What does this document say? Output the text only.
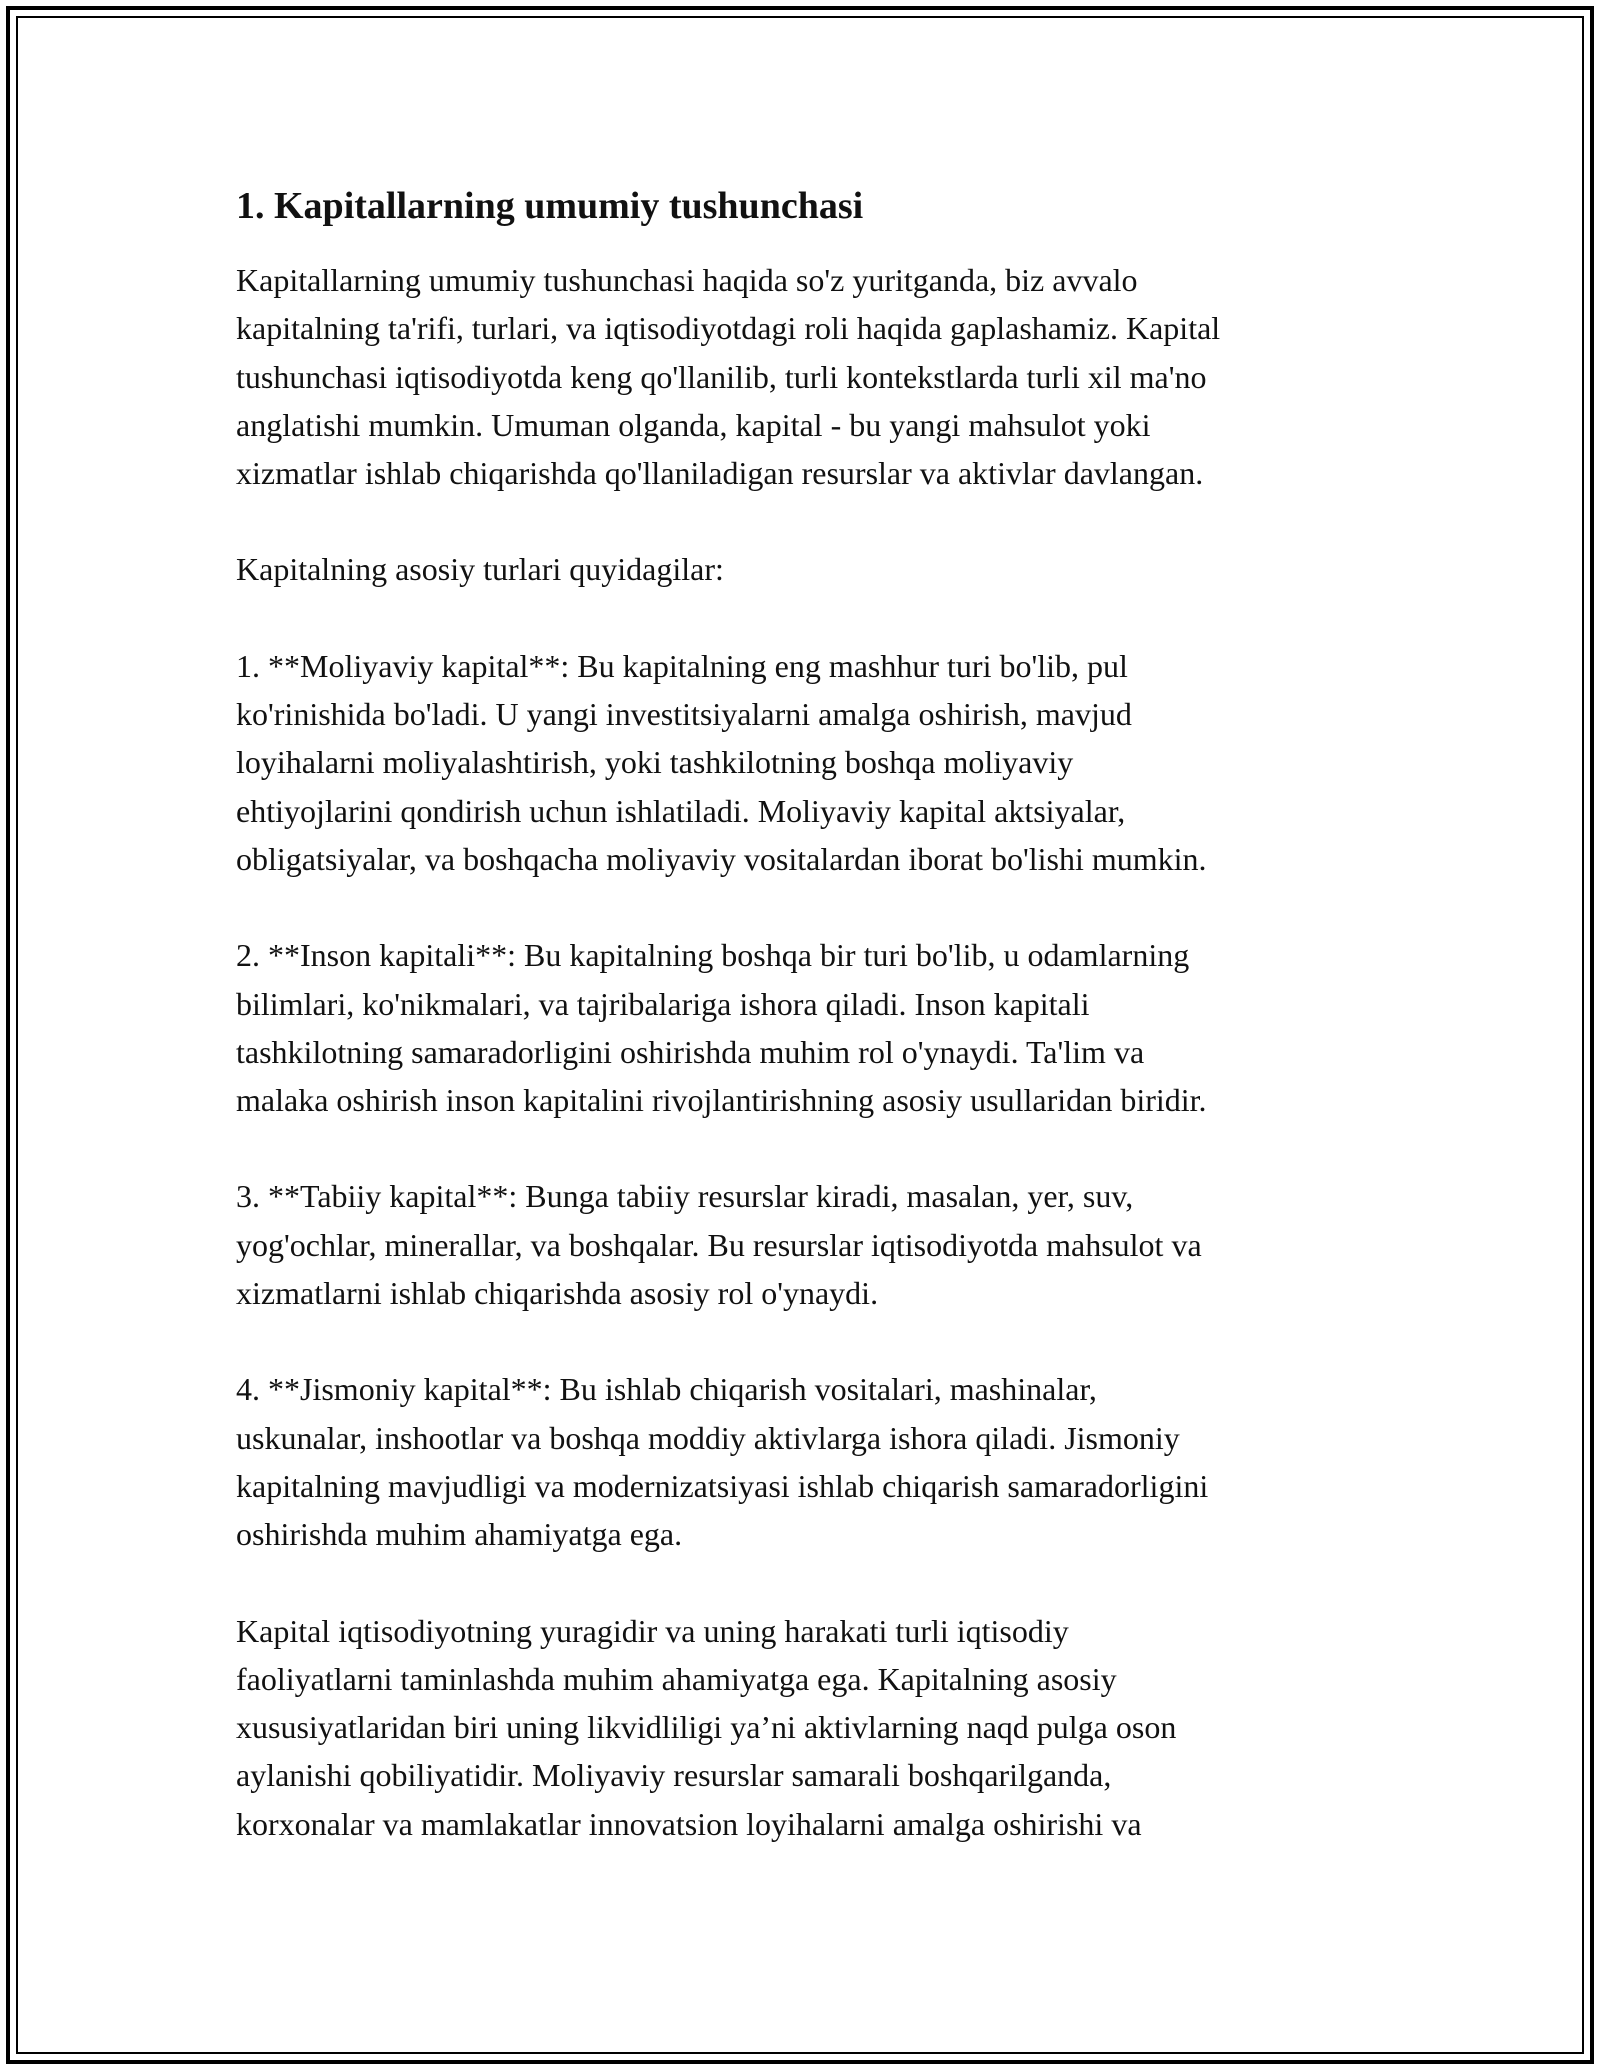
1. Kapitallarning umumiy tushunchasi

Kapitallarning umumiy tushunchasi haqida so'z yuritganda, biz avvalo
kapitalning ta'rifi, turlari, va iqtisodiyotdagi roli haqida gaplashamiz. Kapital
tushunchasi iqtisodiyotda keng qo'llanilib, turli kontekstlarda turli xil ma'no
anglatishi mumkin. Umuman olganda, kapital - bu yangi mahsulot yoki
xizmatlar ishlab chiqarishda qo'llaniladigan resurslar va aktivlar davlangan.

Kapitalning asosiy turlari quyidagilar:

1. **Moliyaviy kapital**: Bu kapitalning eng mashhur turi bo'lib, pul
ko'rinishida bo'ladi. U yangi investitsiyalarni amalga oshirish, mavjud
loyihalarni moliyalashtirish, yoki tashkilotning boshqa moliyaviy
ehtiyojlarini qondirish uchun ishlatiladi. Moliyaviy kapital aktsiyalar,
obligatsiyalar, va boshqacha moliyaviy vositalardan iborat bo'lishi mumkin.

2. **Inson kapitali**: Bu kapitalning boshqa bir turi bo'lib, u odamlarning
bilimlari, ko'nikmalari, va tajribalariga ishora qiladi. Inson kapitali
tashkilotning samaradorligini oshirishda muhim rol o'ynaydi. Ta'lim va
malaka oshirish inson kapitalini rivojlantirishning asosiy usullaridan biridir.

3. **Tabiiy kapital**: Bunga tabiiy resurslar kiradi, masalan, yer, suv,
yog'ochlar, minerallar, va boshqalar. Bu resurslar iqtisodiyotda mahsulot va
xizmatlarni ishlab chiqarishda asosiy rol o'ynaydi.

4. **Jismoniy kapital**: Bu ishlab chiqarish vositalari, mashinalar,
uskunalar, inshootlar va boshqa moddiy aktivlarga ishora qiladi. Jismoniy
kapitalning mavjudligi va modernizatsiyasi ishlab chiqarish samaradorligini
oshirishda muhim ahamiyatga ega.

Kapital iqtisodiyotning yuragidir va uning harakati turli iqtisodiy
faoliyatlarni taminlashda muhim ahamiyatga ega. Kapitalning asosiy
xususiyatlaridan biri uning likvidliligi ya’ni aktivlarning naqd pulga oson
aylanishi qobiliyatidir. Moliyaviy resurslar samarali boshqarilganda,
korxonalar va mamlakatlar innovatsion loyihalarni amalga oshirishi va
